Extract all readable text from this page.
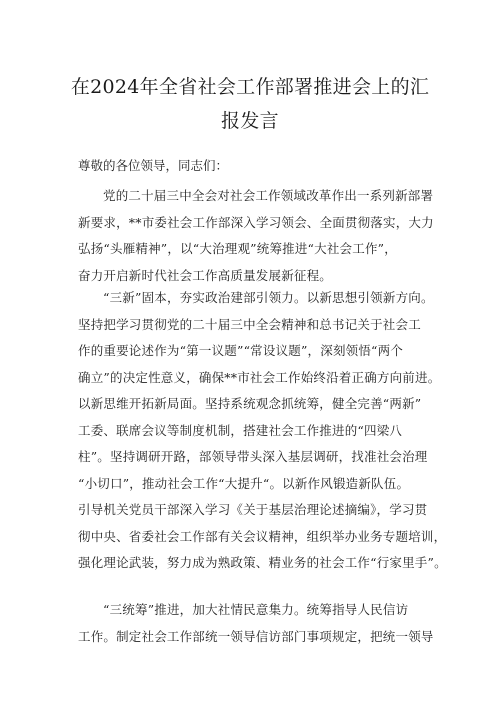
在2024年全省社会工作部署推进会上的汇
报发言

尊敬的各位领导，同志们：

党的二十届三中全会对社会工作领域改革作出一系列新部署
新要求，**市委社会工作部深入学习领会、全面贯彻落实，大力
弘扬“头雁精神”，以“大治理观”统筹推进“大社会工作”，
奋力开启新时代社会工作高质量发展新征程。

“三新”固本，夯实政治建部引领力。以新思想引领新方向。
坚持把学习贯彻党的二十届三中全会精神和总书记关于社会工
作的重要论述作为“第一议题”“常设议题”，深刻领悟“两个
确立”的决定性意义，确保**市社会工作始终沿着正确方向前进。
以新思维开拓新局面。坚持系统观念抓统筹，健全完善“两新”
工委、联席会议等制度机制，搭建社会工作推进的“四梁八
柱”。坚持调研开路，部领导带头深入基层调研，找准社会治理
“小切口”，推动社会工作“大提升“。以新作风锻造新队伍。
引导机关党员干部深入学习《关于基层治理论述摘编》，学习贯
彻中央、省委社会工作部有关会议精神，组织举办业务专题培训，
强化理论武装，努力成为熟政策、精业务的社会工作“行家里手”。

“三统筹”推进，加大社情民意集力。统筹指导人民信访
工作。制定社会工作部统一领导信访部门事项规定，把统一领导
